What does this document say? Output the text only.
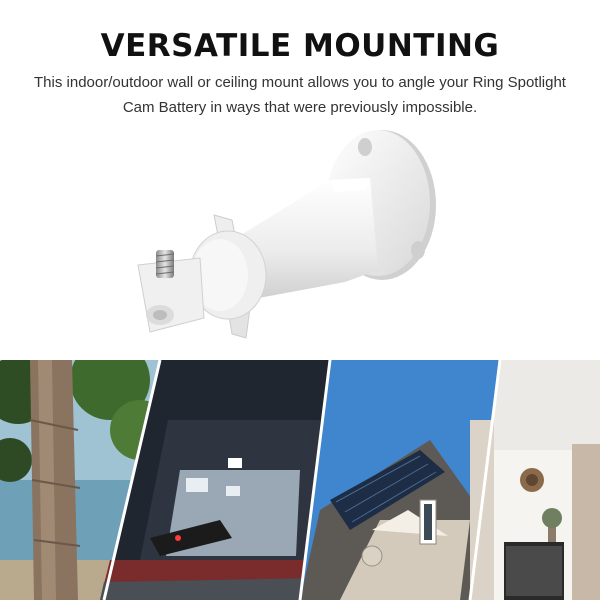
VERSATILE MOUNTING
This indoor/outdoor wall or ceiling mount allows you to angle your Ring Spotlight Cam Battery in ways that were previously impossible.
